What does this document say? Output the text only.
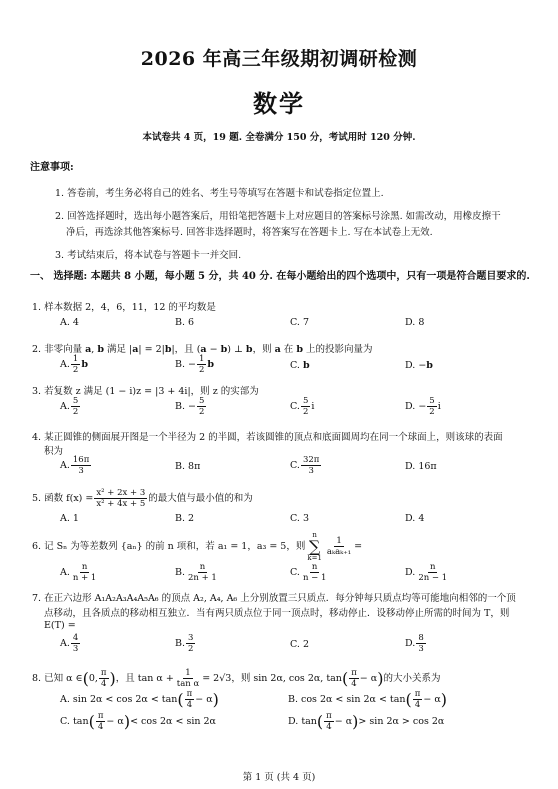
2026 年高三年级期初调研检测
数学
本试卷共 4 页，19 题. 全卷满分 150 分，考试用时 120 分钟.
注意事项:
1. 答卷前，考生务必将自己的姓名、考生号等填写在答题卡和试卷指定位置上.
2. 回答选择题时，选出每小题答案后，用铅笔把答题卡上对应题目的答案标号涂黑. 如需改动，用橡皮擦干
净后，再选涂其他答案标号. 回答非选择题时，将答案写在答题卡上. 写在本试卷上无效.
3. 考试结束后，将本试卷与答题卡一并交回.
一、 选择题: 本题共 8 小题，每小题 5 分，共 40 分. 在每小题给出的四个选项中，只有一项是符合题目要求的.
1. 样本数据 2，4，6，11，12 的平均数是
A. 4	B. 6	C. 7	D. 8
2. 非零向量 a, b 满足 |a| = 2|b|，且 (a − b) ⊥ b，则 a 在 b 上的投影向量为
A. $\frac{1}{2}$ b	B. − $\frac{1}{2}$ b	C. b	D. −b
3. 若复数 z 满足 (1 − i)z = |3 + 4i|，则 z 的实部为
A. $\frac{5}{2}$	B. − $\frac{5}{2}$	C. $\frac{5}{2}$ i	D. − $\frac{5}{2}$ i
4. 某正圆锥的侧面展开图是一个半径为 2 的半圆，若该圆锥的顶点和底面圆周均在同一个球面上，则该球的表面
积为
A. $\frac{16\pi}{3}$	B. 8π	C. $\frac{32\pi}{3}$	D. 16π
5. 函数 $f(x) = \frac{\text{x² + 2x + 3}}{\text{x² + 4x + 5}}$ 的最大值与最小值的和为
A. 1	B. 2	C. 3	D. 4
6. 记 Sₙ 为等差数列 {aₙ} 的前 n 项和，若 a₁ = 1，a₃ = 5，则
n
∑
k=1
$\frac{1}{\text{aₖaₖ₊₁}}$ =
A. $\frac{n}{n + 1}$	B. $\frac{n}{2n + 1}$	C. $\frac{n}{n - 1}$	D. $\frac{n}{2n - 1}$
7. 在正六边形 A₁A₂A₃A₄A₅A₆ 的顶点 A₂, A₄, A₆ 上分别放置三只质点．每分钟每只质点均等可能地向相邻的一个顶
点移动，且各质点的移动相互独立．当有两只质点位于同一顶点时，移动停止．设移动停止所需的时间为 T，则
E(T) =
A. $\frac{4}{3}$	B. $\frac{3}{2}$	C. 2	D. $\frac{8}{3}$
8. 已知 α ∈(0, $\frac{\pi}{4}$ )，且 $\tan \alpha + \frac{1}{\text{tan α}} = 2√3$，则 sin 2α, cos 2α, $\tan( \frac{\pi}{4} - \alpha)$的大小关系为
A. $\sin 2\alpha < \cos 2\alpha < \tan( \frac{\pi}{4} - \alpha)$	B. $\cos 2\alpha < \sin 2\alpha < \tan( \frac{\pi}{4} - \alpha)$
C. $\tan( \frac{\pi}{4} - \alpha)< \cos 2\alpha < \sin 2\alpha$	D. $\tan( \frac{\pi}{4} - \alpha)> \sin 2\alpha > \cos 2\alpha$
第 1 页 (共 4 页)
